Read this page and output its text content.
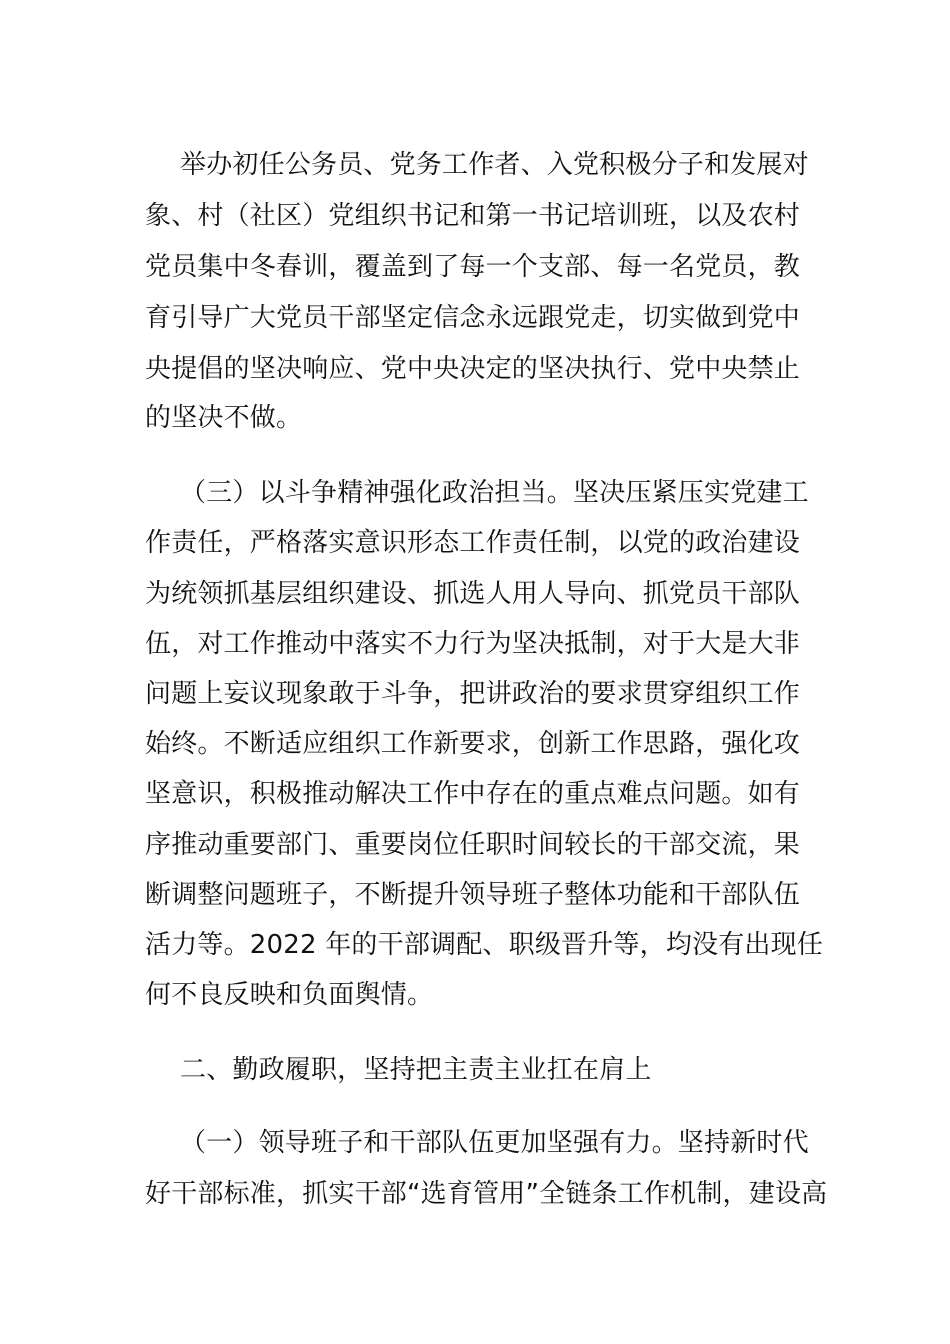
举办初任公务员、党务工作者、入党积极分子和发展对
象、村（社区）党组织书记和第一书记培训班，以及农村
党员集中冬春训，覆盖到了每一个支部、每一名党员，教
育引导广大党员干部坚定信念永远跟党走，切实做到党中
央提倡的坚决响应、党中央决定的坚决执行、党中央禁止
的坚决不做。
（三）以斗争精神强化政治担当。坚决压紧压实党建工
作责任，严格落实意识形态工作责任制，以党的政治建设
为统领抓基层组织建设、抓选人用人导向、抓党员干部队
伍，对工作推动中落实不力行为坚决抵制，对于大是大非
问题上妄议现象敢于斗争，把讲政治的要求贯穿组织工作
始终。不断适应组织工作新要求，创新工作思路，强化攻
坚意识，积极推动解决工作中存在的重点难点问题。如有
序推动重要部门、重要岗位任职时间较长的干部交流，果
断调整问题班子，不断提升领导班子整体功能和干部队伍
活力等。2022 年的干部调配、职级晋升等，均没有出现任
何不良反映和负面舆情。
二、勤政履职，坚持把主责主业扛在肩上
（一）领导班子和干部队伍更加坚强有力。坚持新时代
好干部标准，抓实干部“选育管用”全链条工作机制，建设高
